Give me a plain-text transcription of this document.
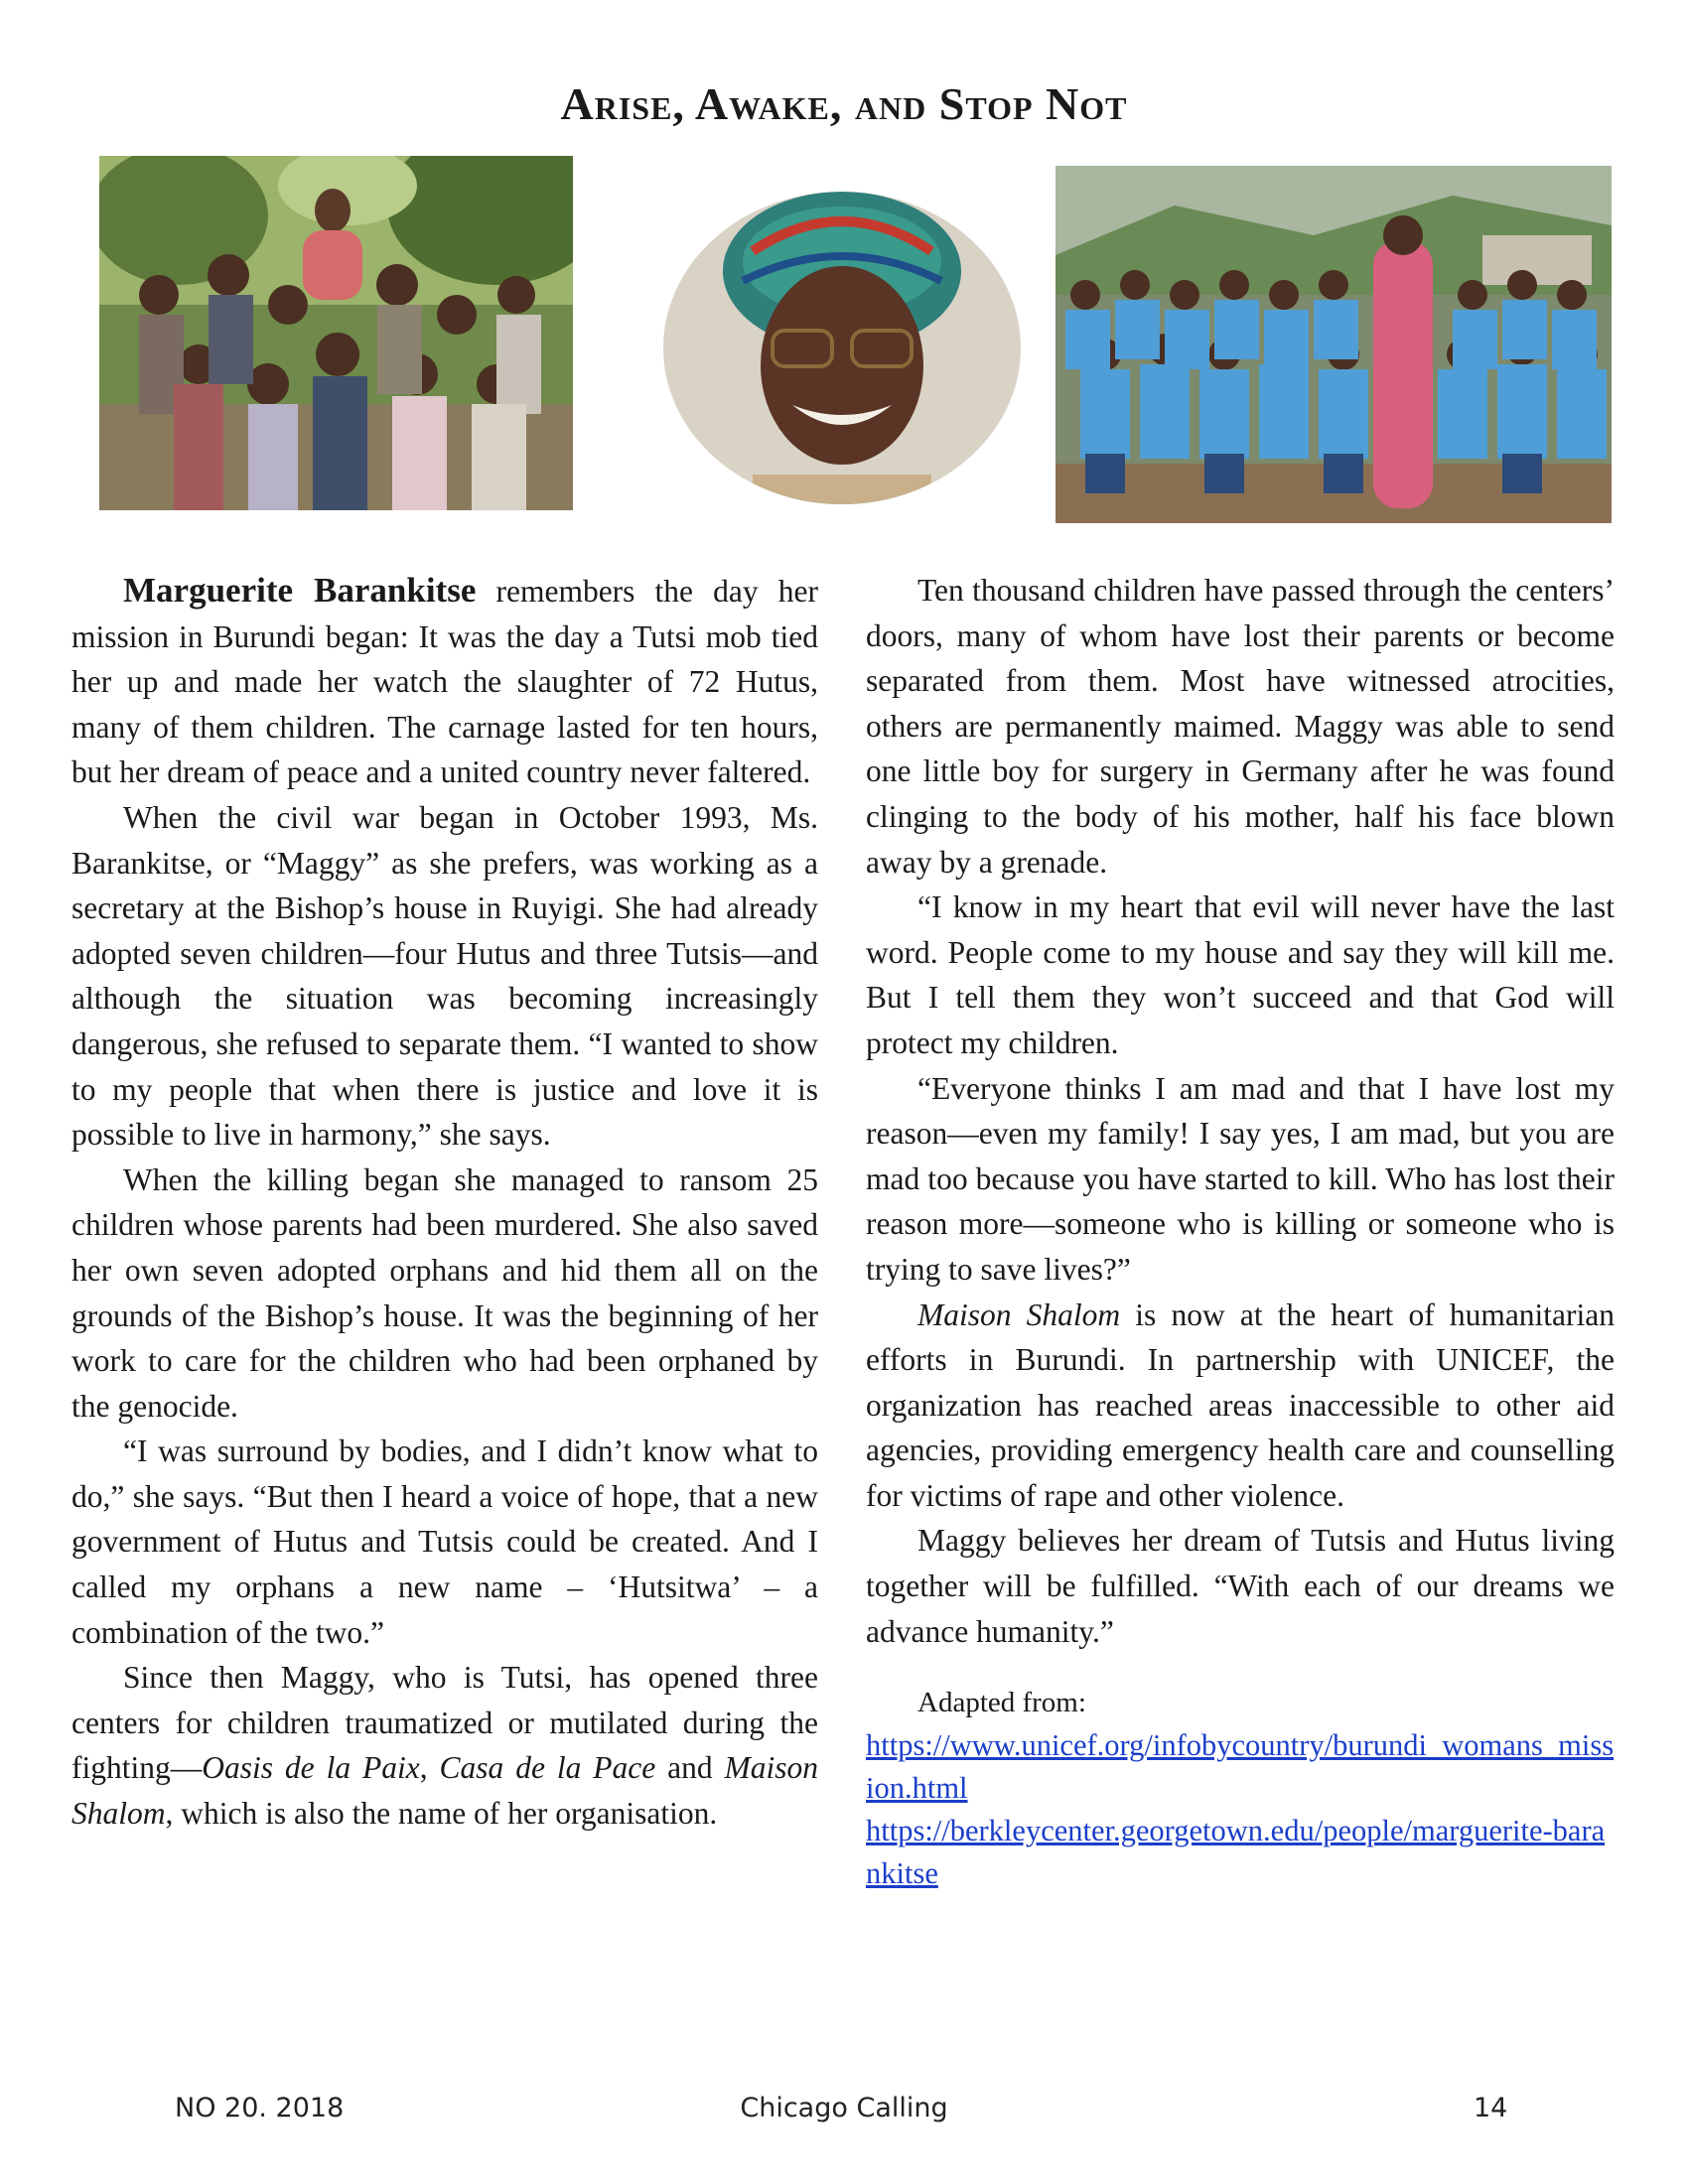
Arise, Awake, and Stop Not

Marguerite Barankitse remembers the day her mission in Burundi began: It was the day a Tutsi mob tied her up and made her watch the slaughter of 72 Hutus, many of them children. The carnage lasted for ten hours, but her dream of peace and a united country never faltered.

When the civil war began in October 1993, Ms. Barankitse, or “Maggy” as she prefers, was working as a secretary at the Bishop’s house in Ruyigi. She had already adopted seven children—four Hutus and three Tutsis—and although the situation was becoming increasingly dangerous, she refused to separate them. “I wanted to show to my people that when there is justice and love it is possible to live in harmony,” she says.

When the killing began she managed to ransom 25 children whose parents had been murdered. She also saved her own seven adopted orphans and hid them all on the grounds of the Bishop’s house. It was the beginning of her work to care for the children who had been orphaned by the genocide.

“I was surround by bodies, and I didn’t know what to do,” she says. “But then I heard a voice of hope, that a new government of Hutus and Tutsis could be created. And I called my orphans a new name – ‘Hutsitwa’ – a combination of the two.”

Since then Maggy, who is Tutsi, has opened three centers for children traumatized or mutilated during the fighting—Oasis de la Paix, Casa de la Pace and Maison Shalom, which is also the name of her organisation.

Ten thousand children have passed through the centers’ doors, many of whom have lost their parents or become separated from them. Most have witnessed atrocities, others are permanently maimed. Maggy was able to send one little boy for surgery in Germany after he was found clinging to the body of his mother, half his face blown away by a grenade.

“I know in my heart that evil will never have the last word. People come to my house and say they will kill me. But I tell them they won’t succeed and that God will protect my children.

“Everyone thinks I am mad and that I have lost my reason—even my family! I say yes, I am mad, but you are mad too because you have started to kill. Who has lost their reason more—someone who is killing or someone who is trying to save lives?”

Maison Shalom is now at the heart of humanitarian efforts in Burundi. In partnership with UNICEF, the organization has reached areas inaccessible to other aid agencies, providing emergency health care and counselling for victims of rape and other violence.

Maggy believes her dream of Tutsis and Hutus living together will be fulfilled. “With each of our dreams we advance humanity.”

Adapted from:
https://www.unicef.org/infobycountry/burundi_womans_mission.html
https://berkleycenter.georgetown.edu/people/marguerite-barankitse
NO 20. 2018	Chicago Calling	14
